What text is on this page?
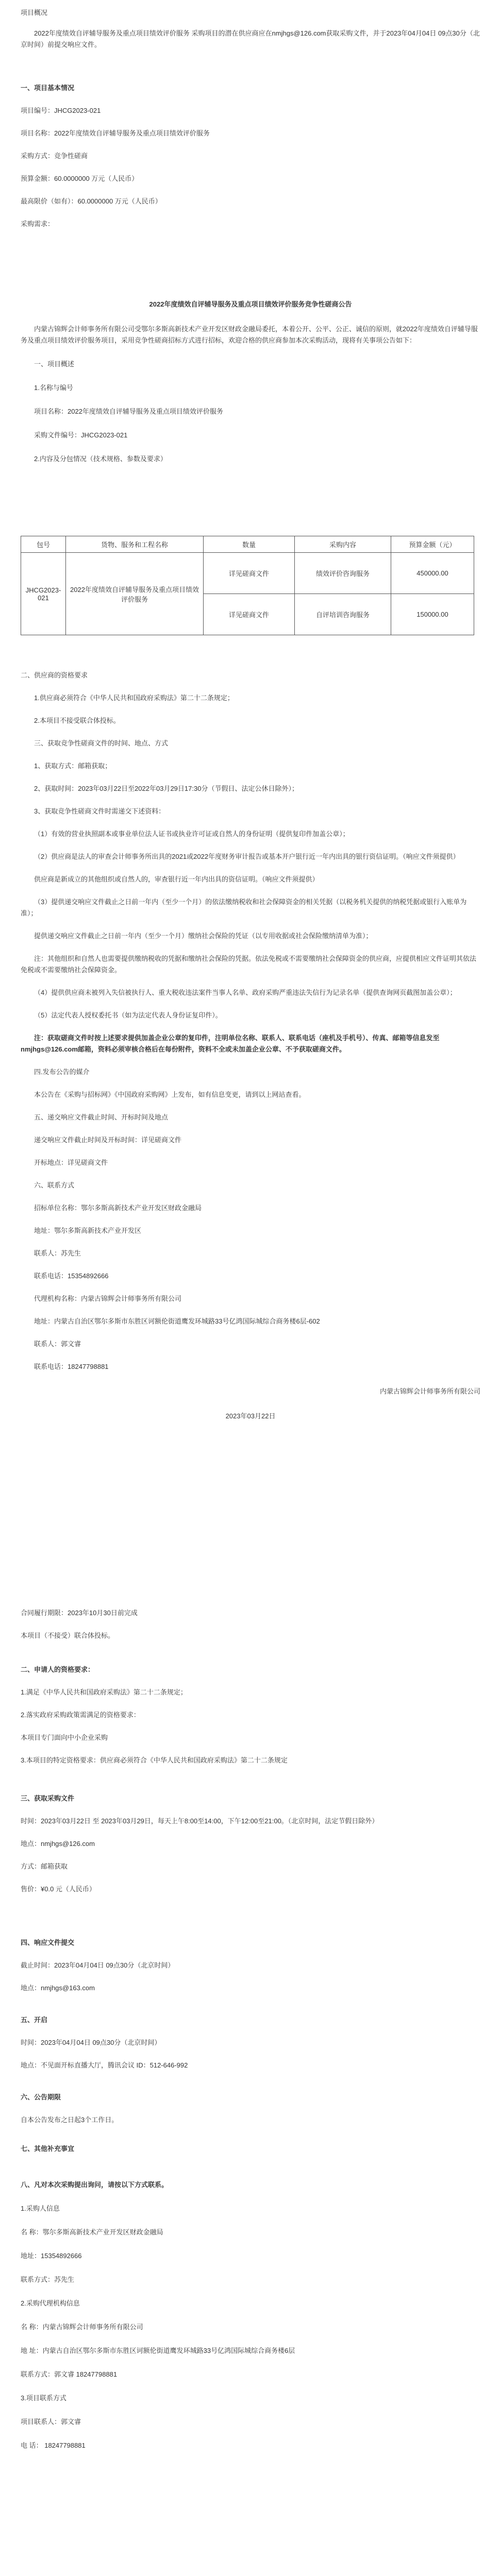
项目概况

2022年度绩效自评辅导服务及重点项目绩效评价服务 采购项目的潜在供应商应在nmjhgs@126.com获取采购文件，并于2023年04月04日 09点30分（北京时间）前提交响应文件。

一、项目基本情况

项目编号：JHCG2023-021

项目名称：2022年度绩效自评辅导服务及重点项目绩效评价服务

采购方式：竞争性磋商

预算金额：60.0000000 万元（人民币）

最高限价（如有）：60.0000000 万元（人民币）

采购需求：

2022年度绩效自评辅导服务及重点项目绩效评价服务竞争性磋商公告

内蒙古锦辉会计师事务所有限公司受鄂尔多斯高新技术产业开发区财政金融局委托，本着公开、公平、公正、诚信的原则，就2022年度绩效自评辅导服务及重点项目绩效评价服务项目，采用竞争性磋商招标方式进行招标，欢迎合格的供应商参加本次采购活动，现将有关事项公告如下：

一、项目概述

1.名称与编号

项目名称：2022年度绩效自评辅导服务及重点项目绩效评价服务

采购文件编号：JHCG2023-021

2.内容及分包情况（技术规格、参数及要求）

包号	货物、服务和工程名称	数量	采购内容	预算金额（元）
JHCG2023-021	2022年度绩效自评辅导服务及重点项目绩效评价服务	详见磋商文件	绩效评价咨询服务	450000.00
		详见磋商文件	自评培训咨询服务	150000.00

二、供应商的资格要求

1.供应商必须符合《中华人民共和国政府采购法》第二十二条规定；

2.本项目不接受联合体投标。

三、获取竞争性磋商文件的时间、地点、方式

1、获取方式：邮箱获取；

2、获取时间：2023年03月22日至2022年03月29日17:30分（节假日、法定公休日除外）；

3、获取竞争性磋商文件时需递交下述资料：

（1）有效的营业执照副本或事业单位法人证书或执业许可证或自然人的身份证明（提供复印件加盖公章）；

（2）供应商是法人的审查会计师事务所出具的2021或2022年度财务审计报告或基本开户银行近一年内出具的银行资信证明。（响应文件须提供）

供应商是新成立的其他组织或自然人的，审查银行近一年内出具的资信证明。（响应文件须提供）

（3）提供递交响应文件截止之日前一年内（至少一个月）的依法缴纳税收和社会保障资金的相关凭据（以税务机关提供的纳税凭据或银行入账单为准）；

提供递交响应文件截止之日前一年内（至少一个月）缴纳社会保险的凭证（以专用收据或社会保险缴纳清单为准）；

注：其他组织和自然人也需要提供缴纳税收的凭据和缴纳社会保险的凭据。依法免税或不需要缴纳社会保障资金的供应商，应提供相应文件证明其依法免税或不需要缴纳社会保障资金。

（4）提供供应商未被列入失信被执行人、重大税收违法案件当事人名单、政府采购严重违法失信行为记录名单（提供查询网页截图加盖公章）；

（5）法定代表人授权委托书（如为法定代表人身份证复印件）。

注：获取磋商文件时按上述要求提供加盖企业公章的复印件，注明单位名称、联系人、联系电话（座机及手机号）、传真、邮箱等信息发至nmjhgs@126.com邮箱，资料必须审核合格后在每份附件，资料不全或未加盖企业公章、不予获取磋商文件。

四.发布公告的媒介

本公告在《采购与招标网》《中国政府采购网》上发布，如有信息变更，请到以上网站查看。

五、递交响应文件截止时间、开标时间及地点

递交响应文件截止时间及开标时间：详见磋商文件

开标地点：详见磋商文件

六、联系方式

招标单位名称：鄂尔多斯高新技术产业开发区财政金融局

地址：鄂尔多斯高新技术产业开发区

联系人：苏先生

联系电话：15354892666

代理机构名称：内蒙古锦辉会计师事务所有限公司

地址：内蒙古自治区鄂尔多斯市东胜区诃额伦街道鹰发环城路33号亿鸿国际城综合商务楼6层-602

联系人：郭文睿

联系电话：18247798881

内蒙古锦辉会计师事务所有限公司

2023年03月22日

合同履行期限：2023年10月30日前完成

本项目（不接受）联合体投标。

二、申请人的资格要求：

1.满足《中华人民共和国政府采购法》第二十二条规定；

2.落实政府采购政策需满足的资格要求：

本项目专门面向中小企业采购

3.本项目的特定资格要求：供应商必须符合《中华人民共和国政府采购法》第二十二条规定

三、获取采购文件

时间：2023年03月22日 至 2023年03月29日，每天上午8:00至14:00，下午12:00至21:00。（北京时间，法定节假日除外）

地点：nmjhgs@126.com

方式：邮箱获取

售价：¥0.0 元（人民币）

四、响应文件提交

截止时间：2023年04月04日 09点30分（北京时间）

地点：nmjhgs@163.com

五、开启

时间：2023年04月04日 09点30分（北京时间）

地点：不见面开标直播大厅，腾讯会议 ID：512-646-992

六、公告期限

自本公告发布之日起3个工作日。

七、其他补充事宜

八、凡对本次采购提出询问，请按以下方式联系。

1.采购人信息

名 称：鄂尔多斯高新技术产业开发区财政金融局

地址：15354892666

联系方式：苏先生

2.采购代理机构信息

名 称：内蒙古锦辉会计师事务所有限公司

地 址：内蒙古自治区鄂尔多斯市东胜区诃额伦街道鹰发环城路33号亿鸿国际城综合商务楼6层

联系方式：郭文睿 18247798881

3.项目联系方式

项目联系人：郭文睿

电 话： 18247798881
